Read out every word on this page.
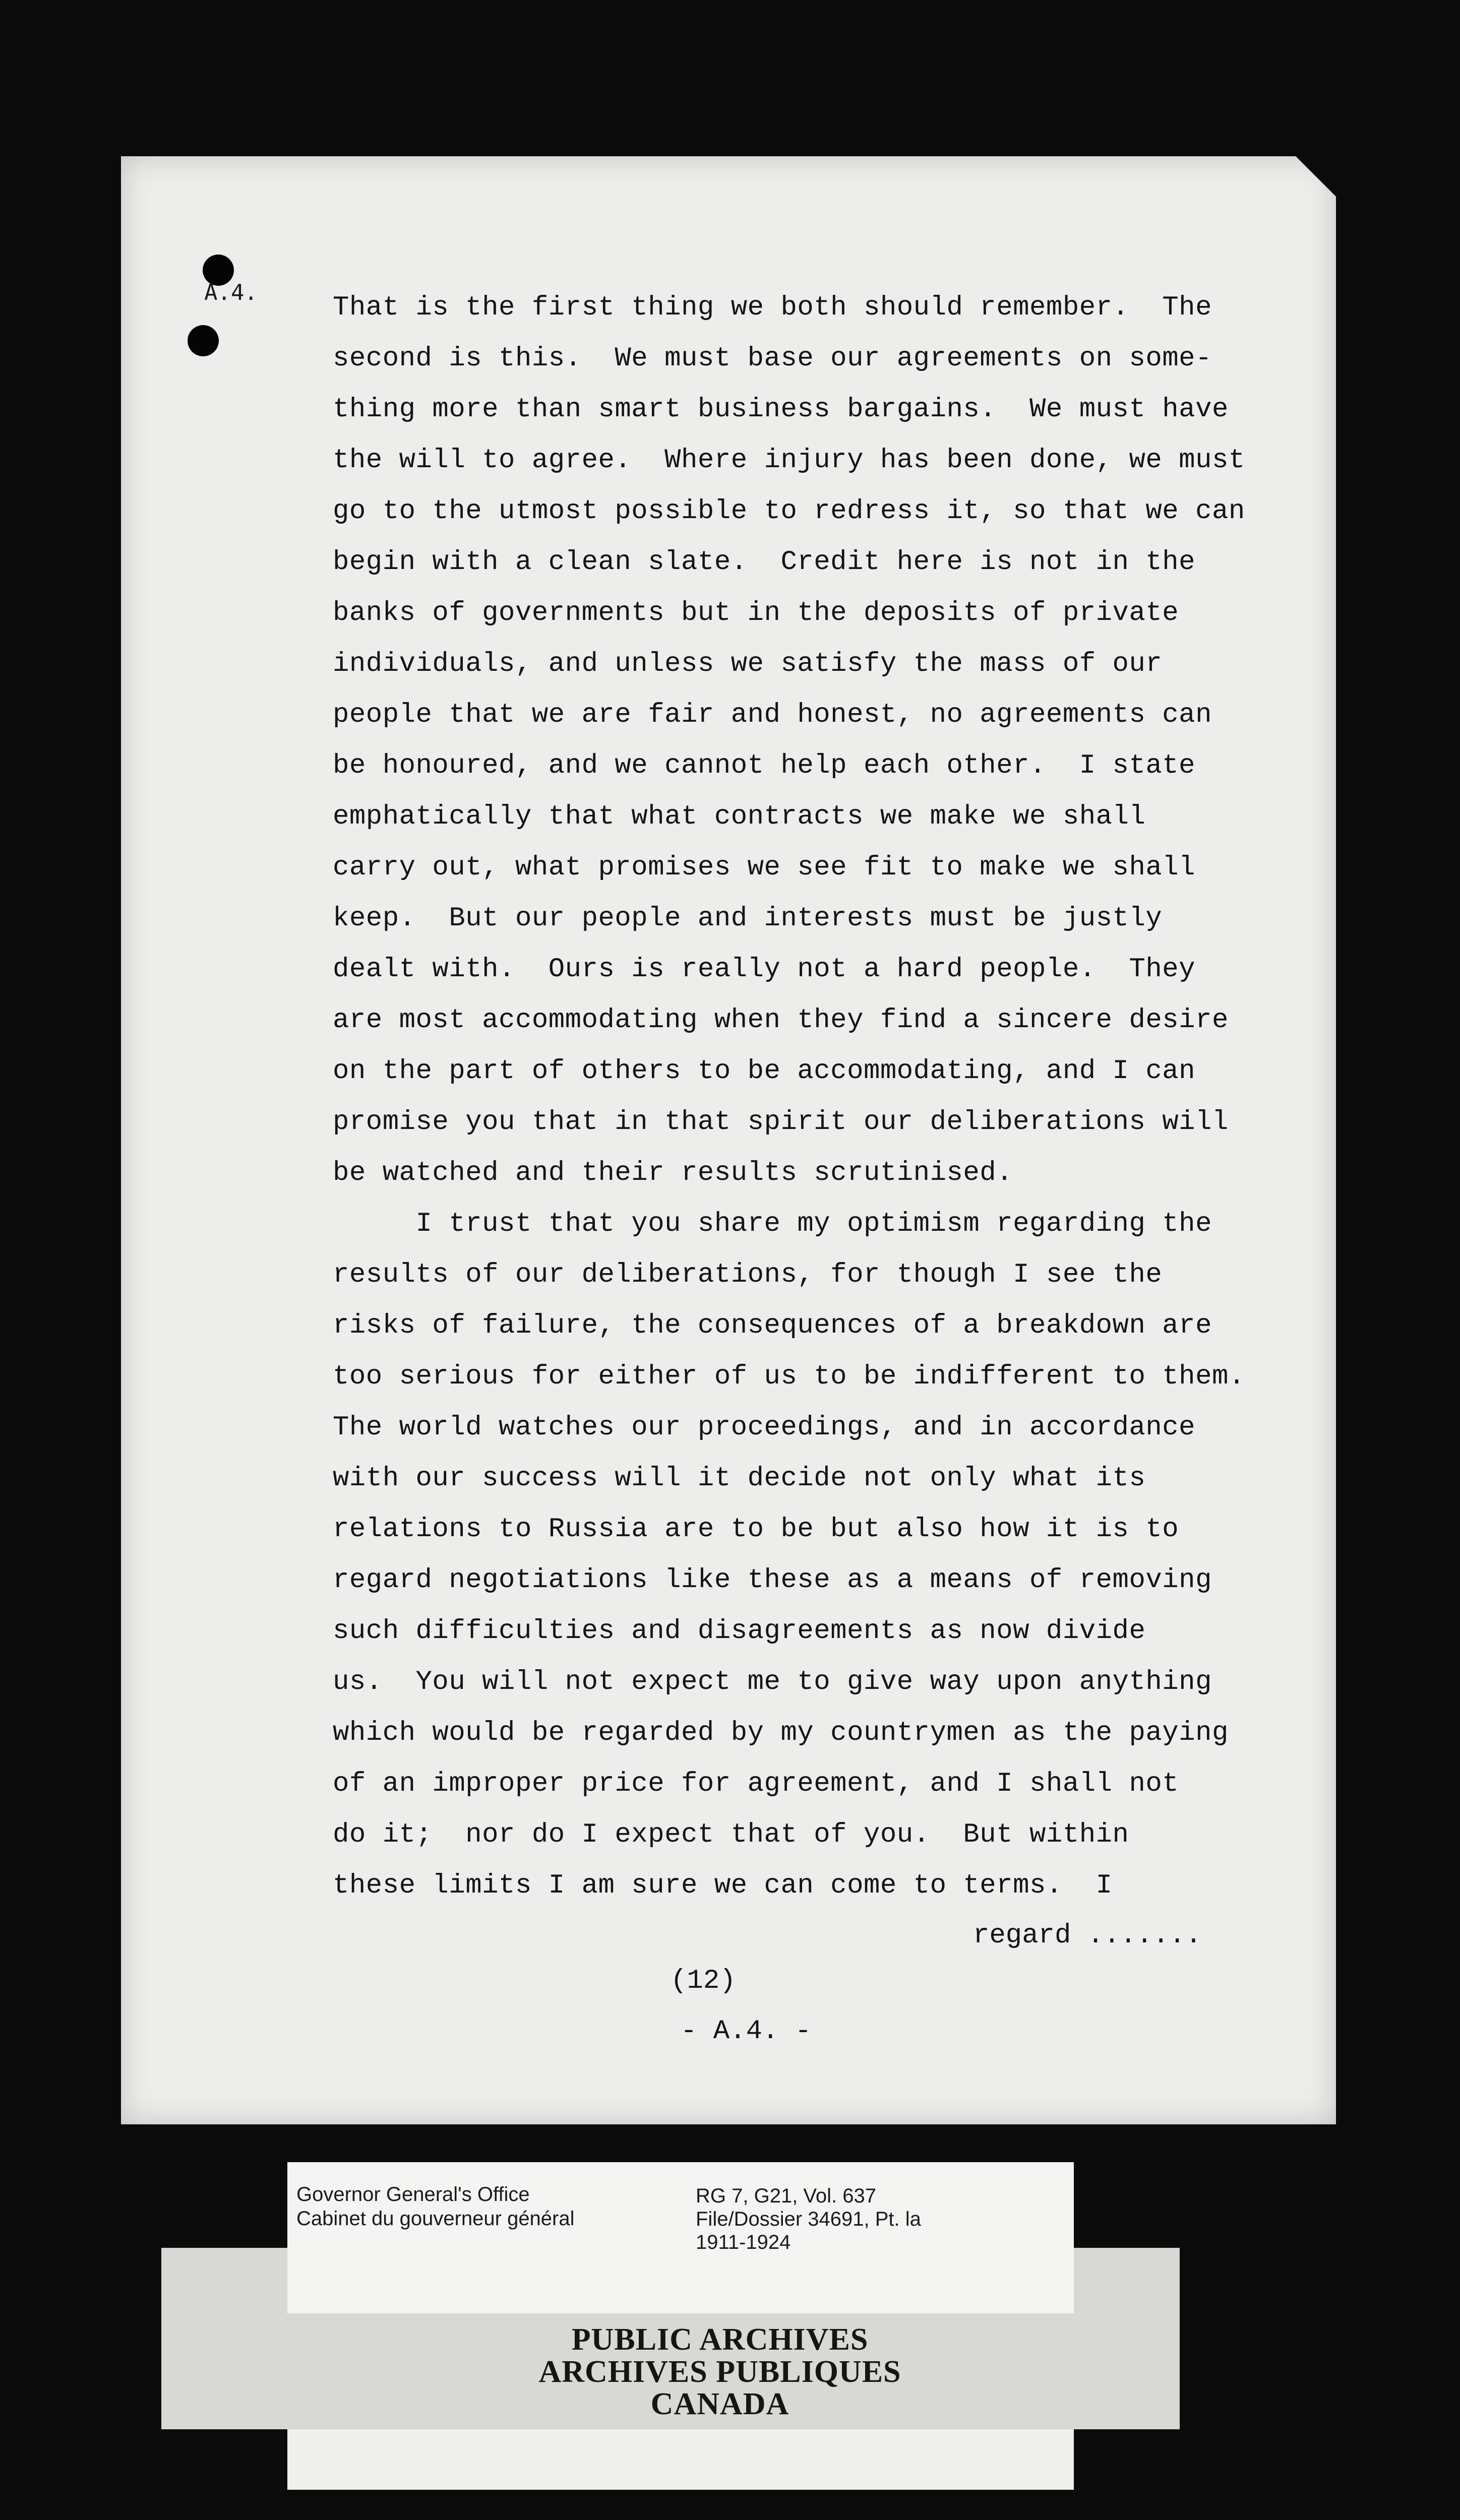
A.4.	That is the first thing we both should remember.  The
second is this.  We must base our agreements on some-
thing more than smart business bargains.  We must have
the will to agree.  Where injury has been done, we must
go to the utmost possible to redress it, so that we can
begin with a clean slate.  Credit here is not in the
banks of governments but in the deposits of private
individuals, and unless we satisfy the mass of our
people that we are fair and honest, no agreements can
be honoured, and we cannot help each other.  I state
emphatically that what contracts we make we shall
carry out, what promises we see fit to make we shall
keep.  But our people and interests must be justly
dealt with.  Ours is really not a hard people.  They
are most accommodating when they find a sincere desire
on the part of others to be accommodating, and I can
promise you that in that spirit our deliberations will
be watched and their results scrutinised.
I trust that you share my optimism regarding the
results of our deliberations, for though I see the
risks of failure, the consequences of a breakdown are
too serious for either of us to be indifferent to them.
The world watches our proceedings, and in accordance
with our success will it decide not only what its
relations to Russia are to be but also how it is to
regard negotiations like these as a means of removing
such difficulties and disagreements as now divide
us.  You will not expect me to give way upon anything
which would be regarded by my countrymen as the paying
of an improper price for agreement, and I shall not
do it;  nor do I expect that of you.  But within
these limits I am sure we can come to terms.  I
regard .......
(12)
- A.4. -
Governor General's Office
Cabinet du gouverneur général
RG 7, G21, Vol. 637
File/Dossier 34691, Pt. la
1911-1924
PUBLIC ARCHIVES
ARCHIVES PUBLIQUES
CANADA
